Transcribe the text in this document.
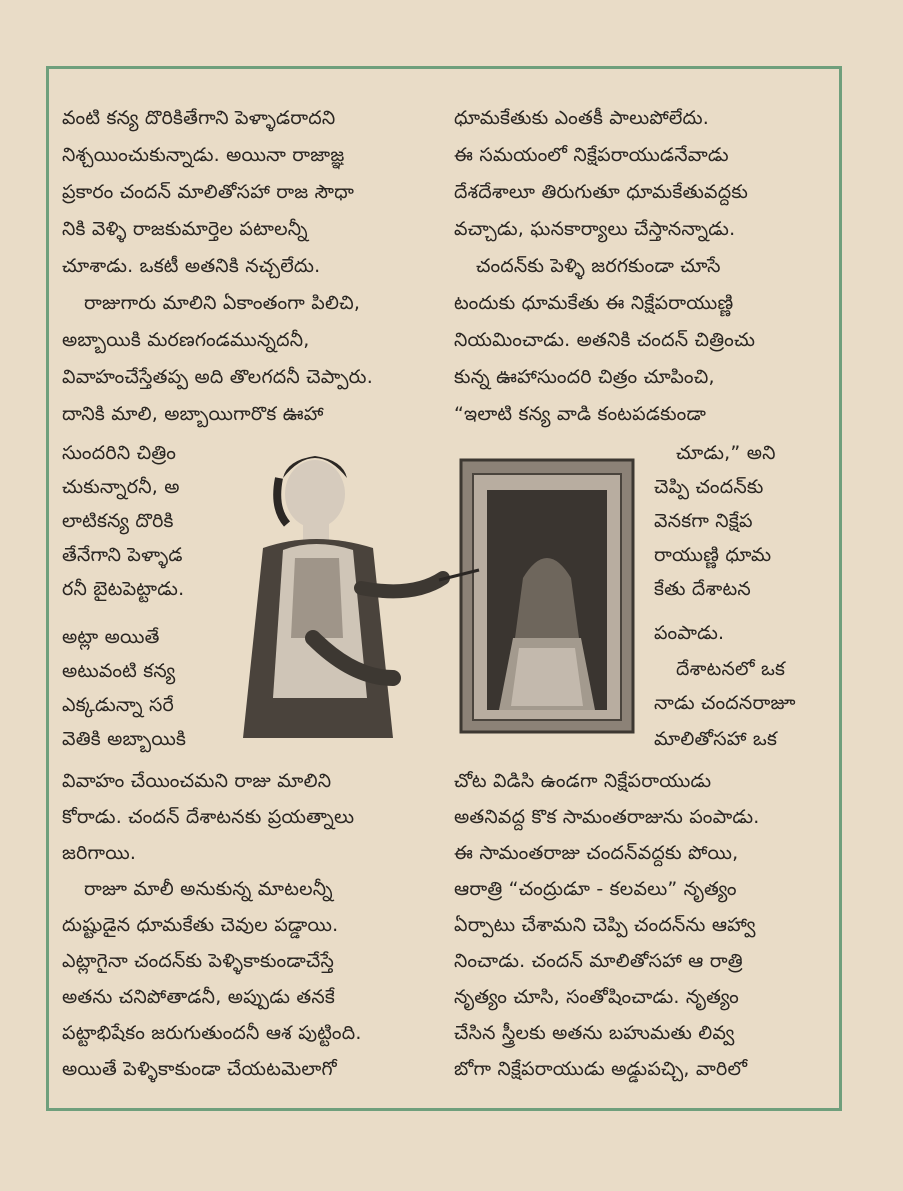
వంటి కన్య దొరికితేగాని పెళ్ళాడరాదని
నిశ్చయించుకున్నాడు. అయినా రాజాజ్ఞ
ప్రకారం చందన్ మాలితోసహా రాజ సౌధా
నికి వెళ్ళి రాజకుమార్తెల పటాలన్నీ
చూశాడు. ఒకటీ అతనికి నచ్చలేదు.
రాజుగారు మాలిని ఏకాంతంగా పిలిచి,
అబ్బాయికి మరణగండమున్నదనీ,
వివాహంచేస్తేతప్ప అది తొలగదనీ చెప్పారు.
దానికి మాలి, అబ్బాయిగారొక ఊహా
సుందరిని చిత్రిం
చుకున్నారనీ, అ
లాటికన్య దొరికి
తేనేగాని పెళ్ళాడ
రనీ బైటపెట్టాడు.
అట్లా అయితే
అటువంటి కన్య
ఎక్కడున్నా సరే
వెతికి అబ్బాయికి
వివాహం చేయించమని రాజు మాలిని
కోరాడు. చందన్ దేశాటనకు ప్రయత్నాలు
జరిగాయి.
రాజూ మాలీ అనుకున్న మాటలన్నీ
దుష్టుడైన ధూమకేతు చెవుల పడ్డాయి.
ఎట్లాగైనా చందన్‌కు పెళ్ళికాకుండాచేస్తే
అతను చనిపోతాడనీ, అప్పుడు తనకే
పట్టాభిషేకం జరుగుతుందనీ ఆశ పుట్టింది.
అయితే పెళ్ళికాకుండా చేయటమెలాగో
ధూమకేతుకు ఎంతకీ పాలుపోలేదు.
ఈ సమయంలో నిక్షేపరాయుడనేవాడు
దేశదేశాలూ తిరుగుతూ ధూమకేతువద్దకు
వచ్చాడు, ఘనకార్యాలు చేస్తానన్నాడు.
చందన్‌కు పెళ్ళి జరగకుండా చూసే
టందుకు ధూమకేతు ఈ నిక్షేపరాయుణ్ణి
నియమించాడు. అతనికి చందన్ చిత్రించు
కున్న ఊహాసుందరి చిత్రం చూపించి,
“ఇలాటి కన్య వాడి కంటపడకుండా
చూడు,” అని
చెప్పి చందన్‌కు
వెనకగా నిక్షేప
రాయుణ్ణి ధూమ
కేతు దేశాటన
పంపాడు.
దేశాటనలో ఒక
నాడు చందనరాజూ
మాలితోసహా ఒక
చోట విడిసి ఉండగా నిక్షేపరాయుడు
అతనివద్ద కొక సామంతరాజును పంపాడు.
ఈ సామంతరాజు చందన్‌వద్దకు పోయి,
ఆరాత్రి “చంద్రుడూ - కలవలు” నృత్యం
ఏర్పాటు చేశామని చెప్పి చందన్‌ను ఆహ్వా
నించాడు. చందన్ మాలితోసహా ఆ రాత్రి
నృత్యం చూసి, సంతోషించాడు. నృత్యం
చేసిన స్త్రీలకు అతను బహుమతు లివ్వ
బోగా నిక్షేపరాయుడు అడ్డుపచ్చి, వారిలో
